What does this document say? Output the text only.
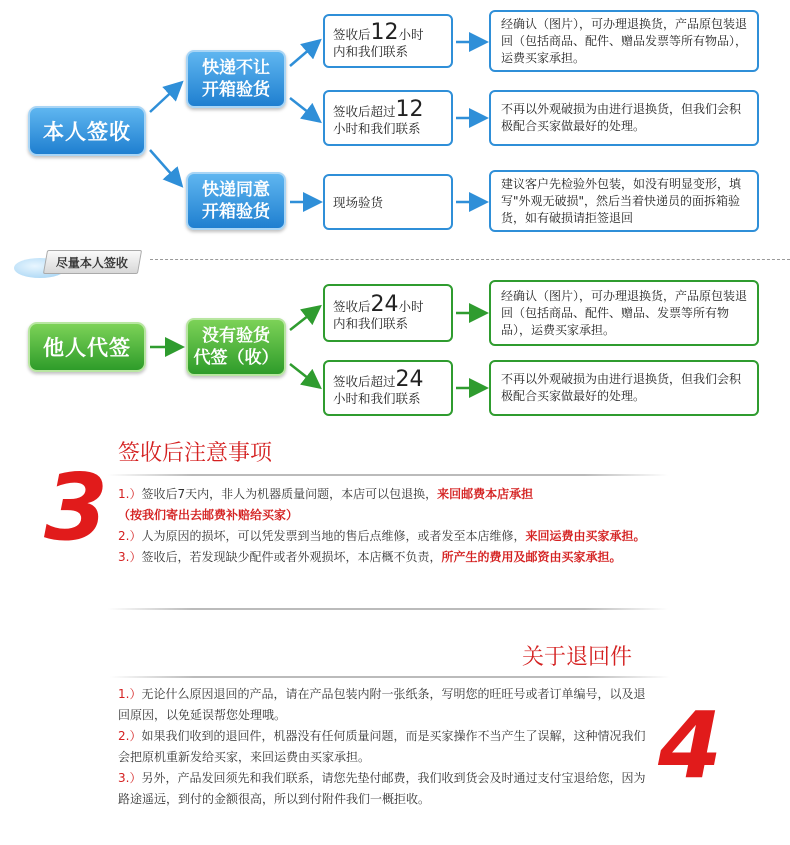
本人签收
快递不让
开箱验货
签收后12小时
内和我们联系
经确认（图片），可办理退换货，产品原包装退回（包括商品、配件、赠品发票等所有物品），运费买家承担。
签收后超过12
小时和我们联系
不再以外观破损为由进行退换货，但我们会积极配合买家做最好的处理。
快递同意
开箱验货	现场验货
建议客户先检验外包装，如没有明显变形，填写"外观无破损"，然后当着快递员的面拆箱验货，如有破损请拒签退回
尽量本人签收
他人代签	没有验货
代签（收）
签收后24小时
内和我们联系
经确认（图片），可办理退换货，产品原包装退回（包括商品、配件、赠品、发票等所有物品），运费买家承担。
签收后超过24
小时和我们联系
不再以外观破损为由进行退换货，但我们会积极配合买家做最好的处理。
3
签收后注意事项
1.）签收后7天内，非人为机器质量问题，本店可以包退换，来回邮费本店承担
（按我们寄出去邮费补赔给买家）
2.）人为原因的损坏，可以凭发票到当地的售后点维修，或者发至本店维修，来回运费由买家承担。
3.）签收后，若发现缺少配件或者外观损坏，本店概不负责，所产生的费用及邮资由买家承担。
关于退回件
1.）无论什么原因退回的产品，请在产品包装内附一张纸条，写明您的旺旺号或者订单编号，以及退回原因，以免延误帮您处理哦。
2.）如果我们收到的退回件，机器没有任何质量问题，而是买家操作不当产生了误解，这种情况我们会把原机重新发给买家，来回运费由买家承担。
3.）另外，产品发回须先和我们联系，请您先垫付邮费，我们收到货会及时通过支付宝退给您，因为路途遥远，到付的金额很高，所以到付附件我们一概拒收。	4
